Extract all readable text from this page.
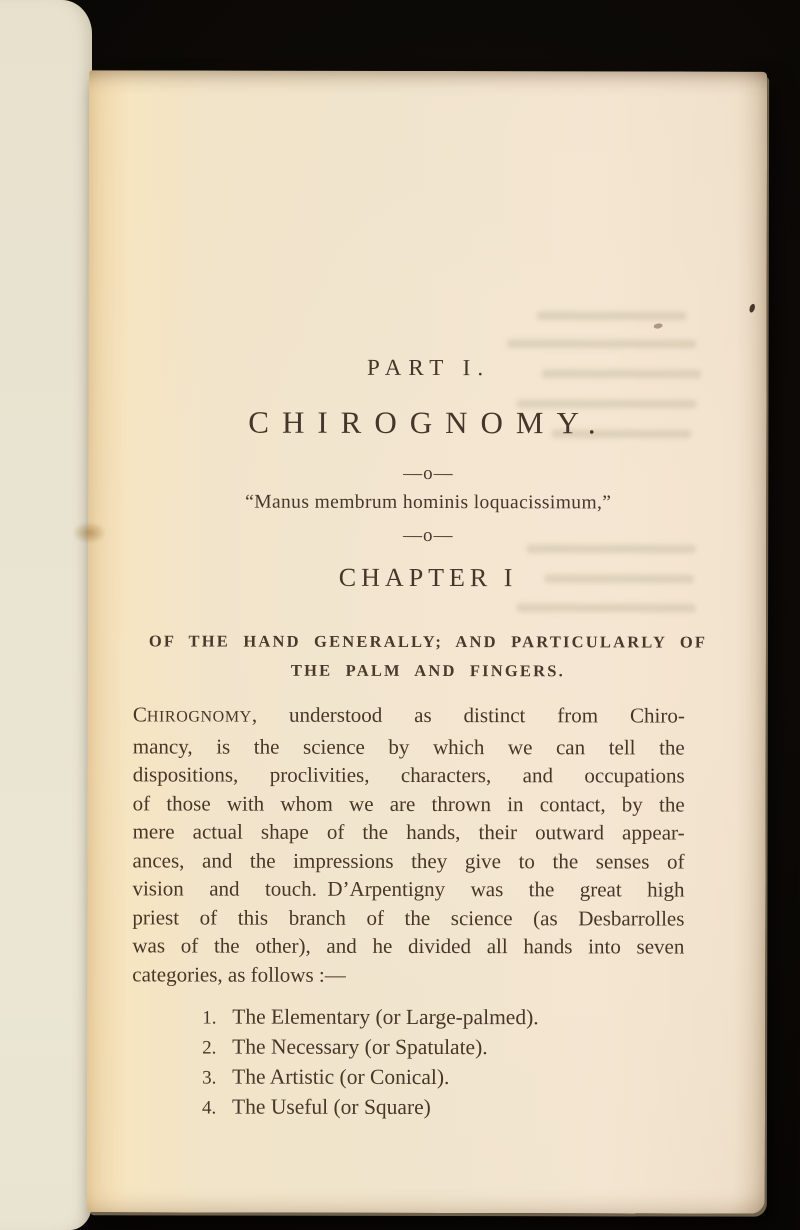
PART I.
CHIROGNOMY.
—o—
“Manus membrum hominis loquacissimum,”
—o—
CHAPTER I
OF THE HAND GENERALLY; AND PARTICULARLY OF
THE PALM AND FINGERS.
CHIROGNOMY, understood as distinct from Chiro-
mancy, is the science by which we can tell the
dispositions, proclivities, characters, and occupations
of those with whom we are thrown in contact, by the
mere actual shape of the hands, their outward appear-
ances, and the impressions they give to the senses of
vision and touch. D’Arpentigny was the great high
priest of this branch of the science (as Desbarrolles
was of the other), and he divided all hands into seven
categories, as follows :—
1. The Elementary (or Large-palmed).
2. The Necessary (or Spatulate).
3. The Artistic (or Conical).
4. The Useful (or Square)
